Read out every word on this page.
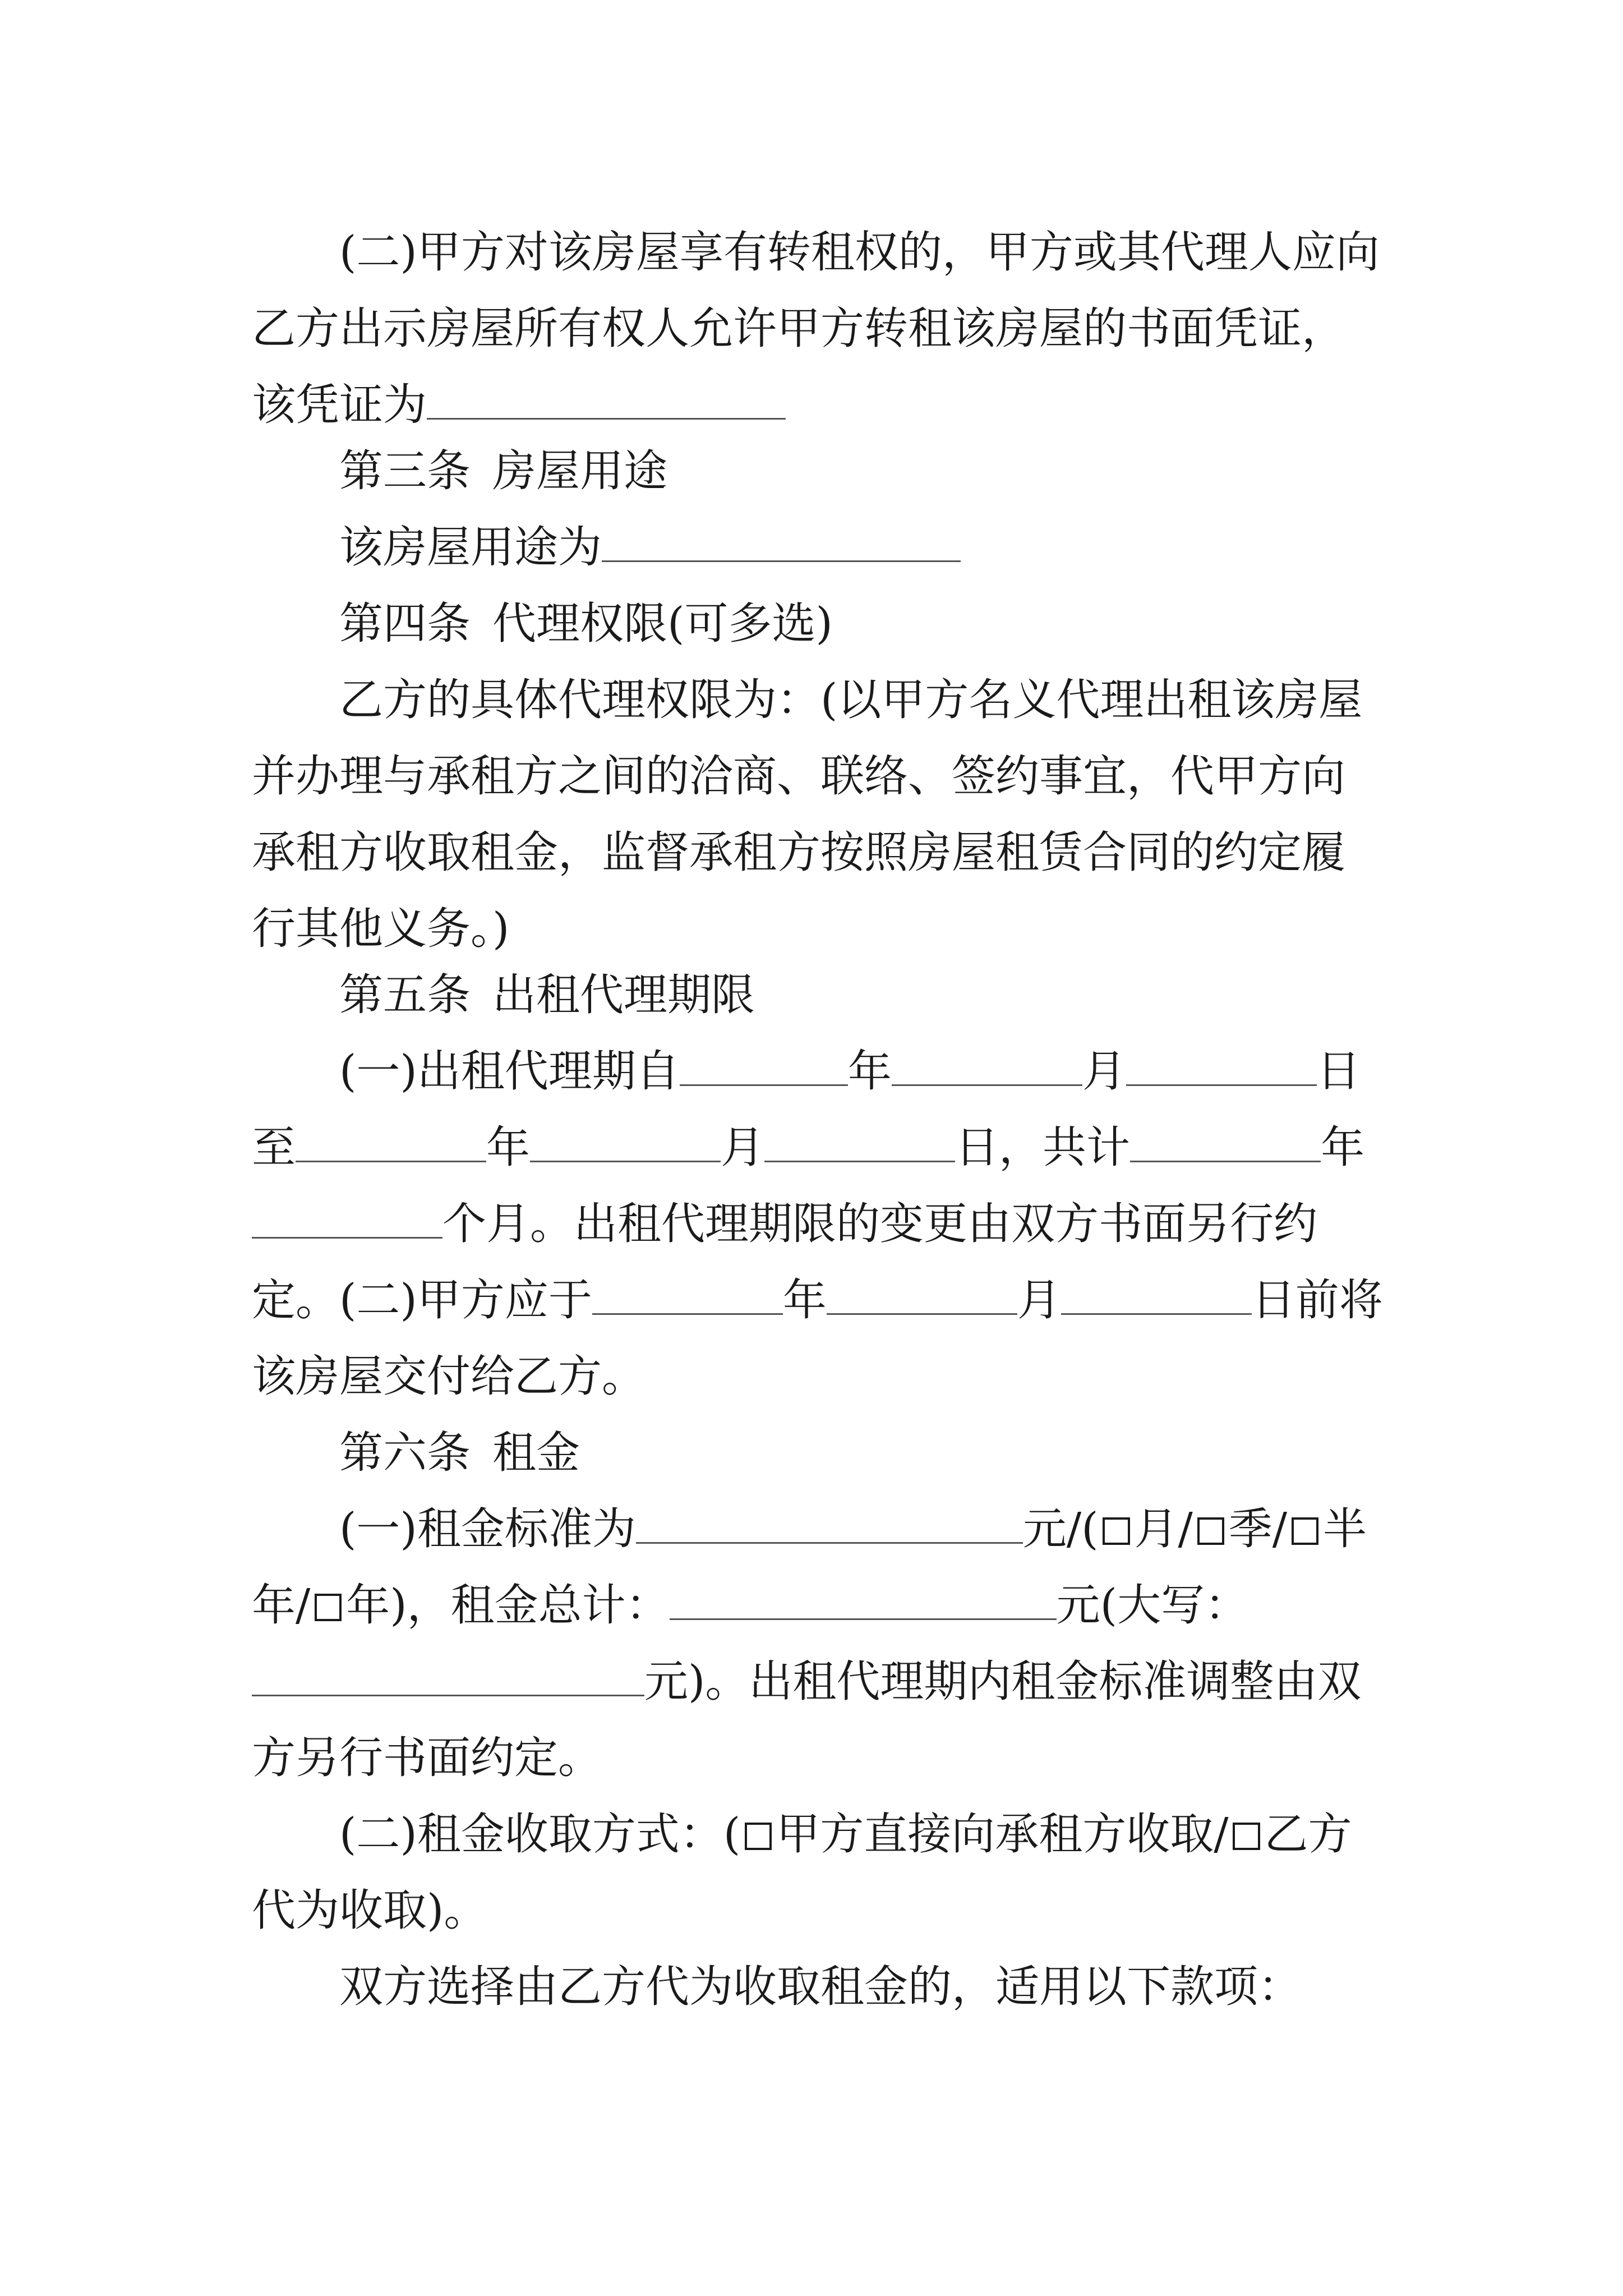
(二)甲方对该房屋享有转租权的，甲方或其代理人应向乙方出示房屋所有权人允许甲方转租该房屋的书面凭证，该凭证为
第三条 房屋用途
该房屋用途为
第四条 代理权限(可多选)
乙方的具体代理权限为：(以甲方名义代理出租该房屋并办理与承租方之间的洽商、联络、签约事宜，代甲方向承租方收取租金，监督承租方按照房屋租赁合同的约定履行其他义务。)
第五条 出租代理期限
(一)出租代理期自	年	月	日至	年	月	日，共计	年个月。出租代理期限的变更由双方书面另行约定。 (二)甲方应于	年	月	日前将该房屋交付给乙方。
第六条 租金
(一)租金标准为	元/( 月/ 季/ 半年/ 年)，租金总计：	元(大写：元)。出租代理期内租金标准调整由双方另行书面约定。
(二)租金收取方式：( 甲方直接向承租方收取/ 乙方代为收取)。
双方选择由乙方代为收取租金的，适用以下款项：
